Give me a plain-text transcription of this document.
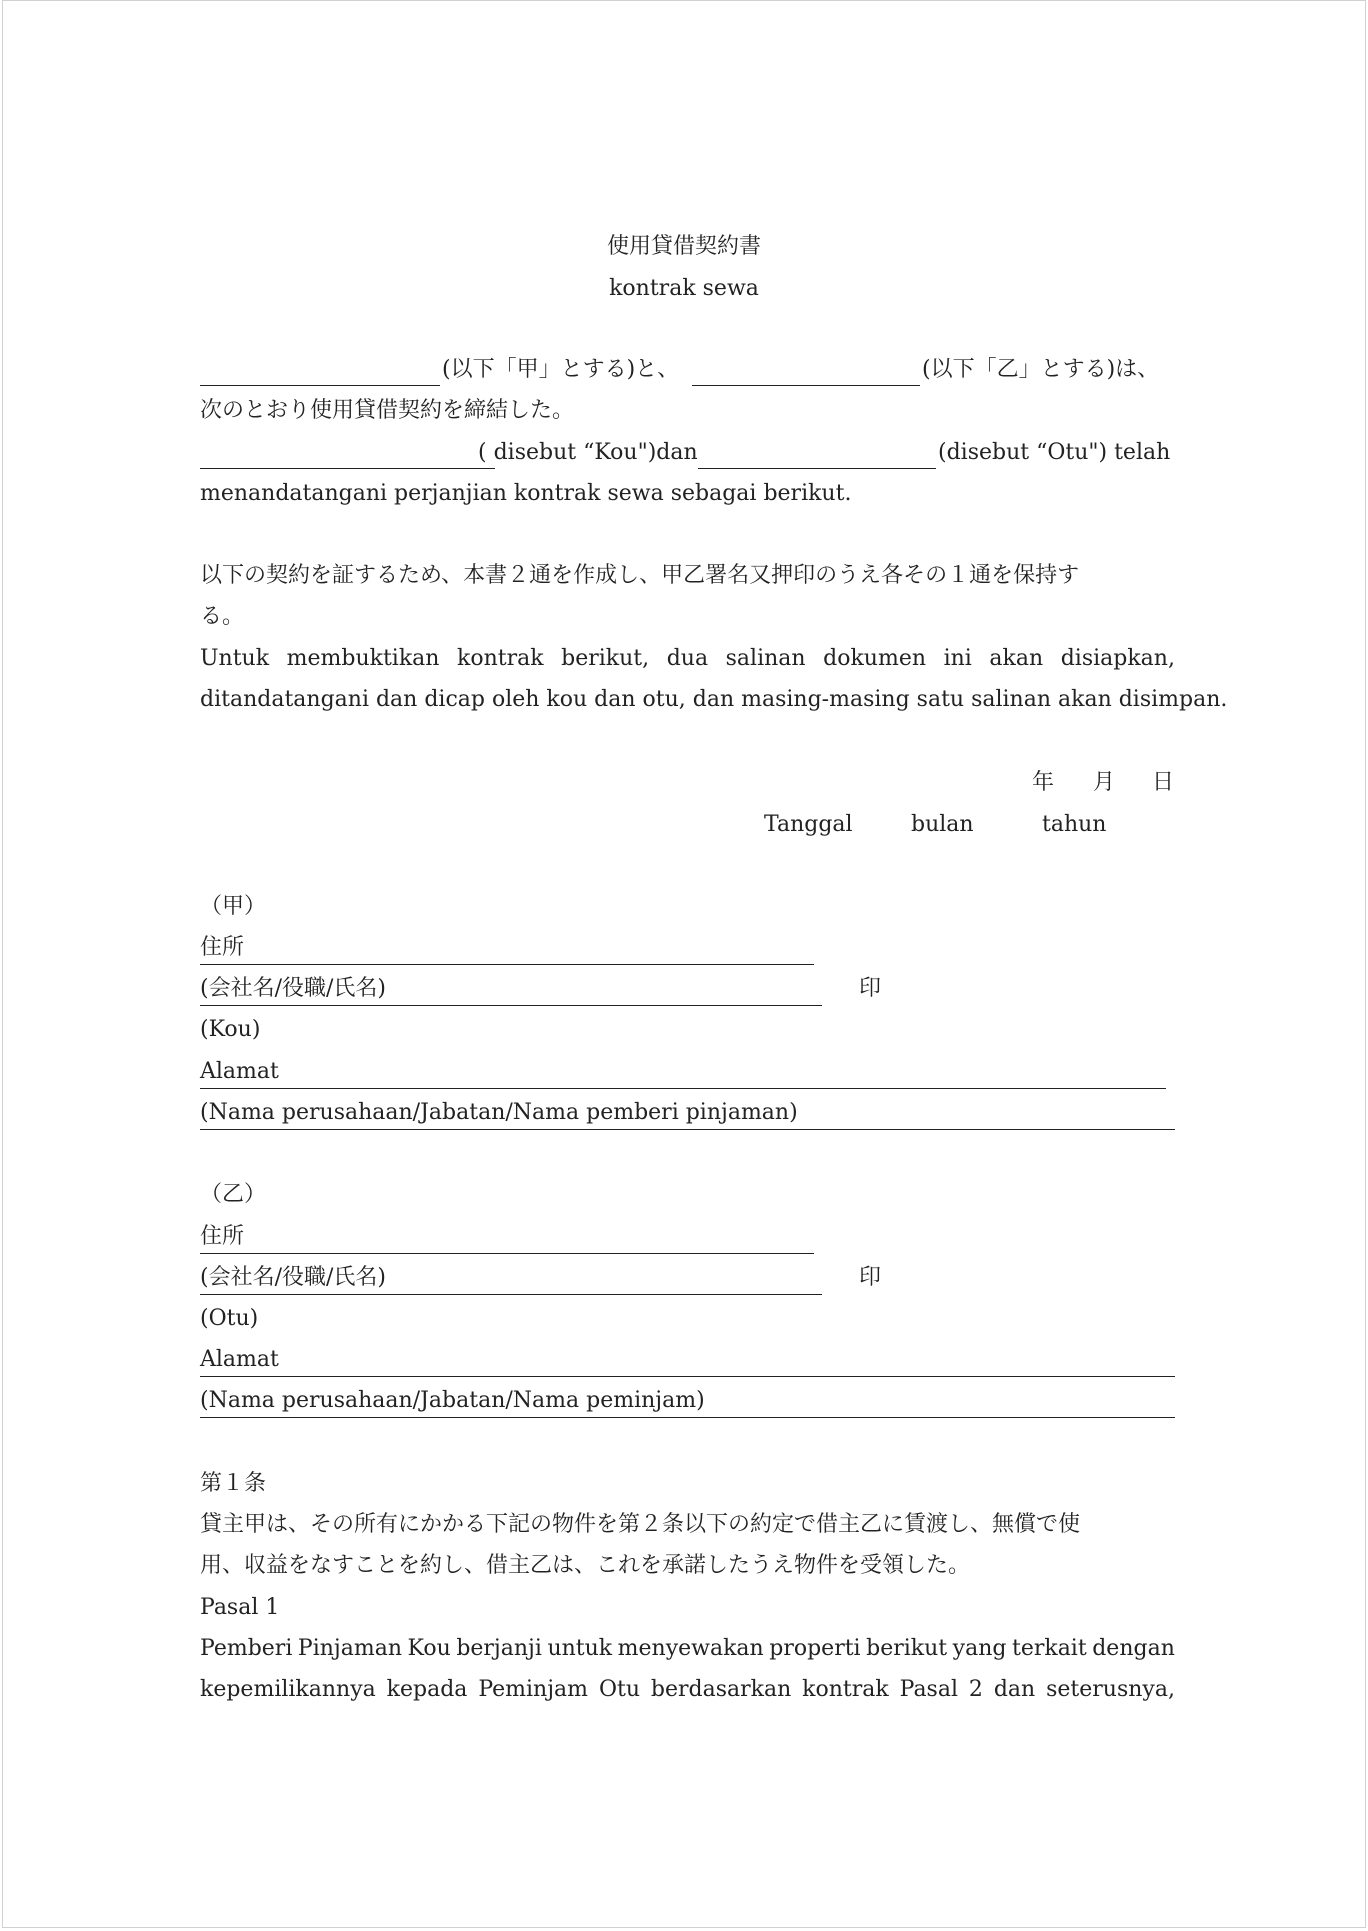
使用貸借契約書
kontrak sewa
(以下「甲」とする)と、	(以下「乙」とする)は、
次のとおり使用貸借契約を締結した。
( disebut “Kou")dan	(disebut “Otu") telah
menandatangani perjanjian kontrak sewa sebagai berikut.
以下の契約を証するため、本書２通を作成し、甲乙署名又押印のうえ各その１通を保持す
る。
Untuk membuktikan kontrak berikut, dua salinan dokumen ini akan disiapkan,
ditandatangani dan dicap oleh kou dan otu, dan masing-masing satu salinan akan disimpan.
年 月 日
Tanggal	bulan	tahun
（甲）
住所
(会社名/役職/氏名)	印
(Kou)
Alamat
(Nama perusahaan/Jabatan/Nama pemberi pinjaman)
（乙）
住所
(会社名/役職/氏名)	印
(Otu)
Alamat
(Nama perusahaan/Jabatan/Nama peminjam)
第１条
貸主甲は、その所有にかかる下記の物件を第２条以下の約定で借主乙に賃渡し、無償で使
用、収益をなすことを約し、借主乙は、これを承諾したうえ物件を受領した。
Pasal 1
Pemberi Pinjaman Kou berjanji untuk menyewakan properti berikut yang terkait dengan
kepemilikannya kepada Peminjam Otu berdasarkan kontrak Pasal 2 dan seterusnya,
